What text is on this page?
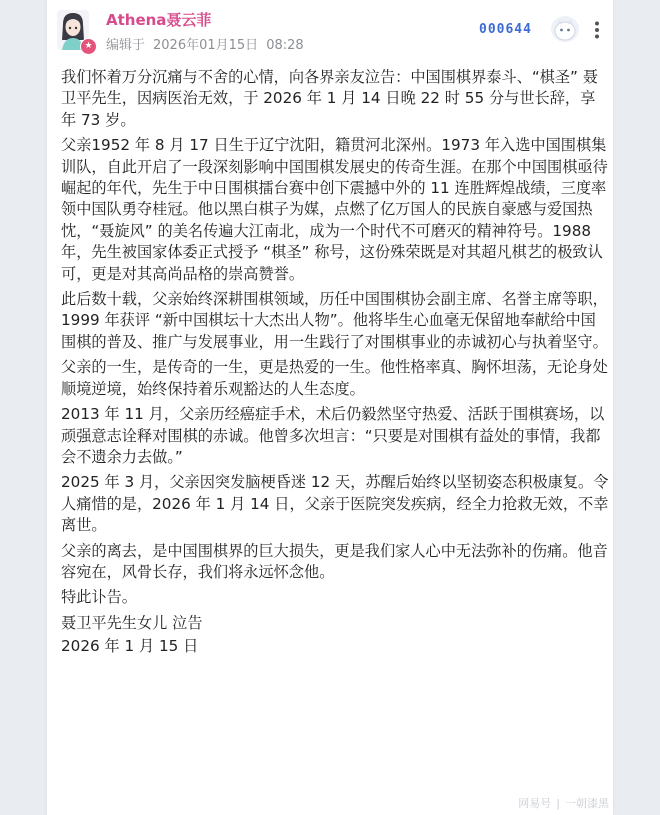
★
Athena聂云菲
编辑于 2026年01月15日 08:28
000644

我们怀着万分沉痛与不舍的心情，向各界亲友泣告：中国围棋界泰斗、“棋圣” 聂卫平先生，因病医治无效，于 2026 年 1 月 14 日晚 22 时 55 分与世长辞，享年 73 岁。

父亲1952 年 8 月 17 日生于辽宁沈阳，籍贯河北深州。1973 年入选中国围棋集训队，自此开启了一段深刻影响中国围棋发展史的传奇生涯。在那个中国围棋亟待崛起的年代，先生于中日围棋擂台赛中创下震撼中外的 11 连胜辉煌战绩，三度率领中国队勇夺桂冠。他以黑白棋子为媒，点燃了亿万国人的民族自豪感与爱国热忱，“聂旋风” 的美名传遍大江南北，成为一个时代不可磨灭的精神符号。1988 年，先生被国家体委正式授予 “棋圣” 称号，这份殊荣既是对其超凡棋艺的极致认可，更是对其高尚品格的崇高赞誉。

此后数十载，父亲始终深耕围棋领域，历任中国围棋协会副主席、名誉主席等职，1999 年获评 “新中国棋坛十大杰出人物”。他将毕生心血毫无保留地奉献给中国围棋的普及、推广与发展事业，用一生践行了对围棋事业的赤诚初心与执着坚守。

父亲的一生，是传奇的一生，更是热爱的一生。他性格率真、胸怀坦荡，无论身处顺境逆境，始终保持着乐观豁达的人生态度。

2013 年 11 月，父亲历经癌症手术，术后仍毅然坚守热爱、活跃于围棋赛场，以顽强意志诠释对围棋的赤诚。他曾多次坦言：“只要是对围棋有益处的事情，我都会不遗余力去做。”

2025 年 3 月，父亲因突发脑梗昏迷 12 天，苏醒后始终以坚韧姿态积极康复。令人痛惜的是，2026 年 1 月 14 日，父亲于医院突发疾病，经全力抢救无效，不幸离世。

父亲的离去，是中国围棋界的巨大损失，更是我们家人心中无法弥补的伤痛。他音容宛在，风骨长存，我们将永远怀念他。

特此讣告。

聂卫平先生女儿 泣告

2026 年 1 月 15 日

网易号 | 一朝漆黑
